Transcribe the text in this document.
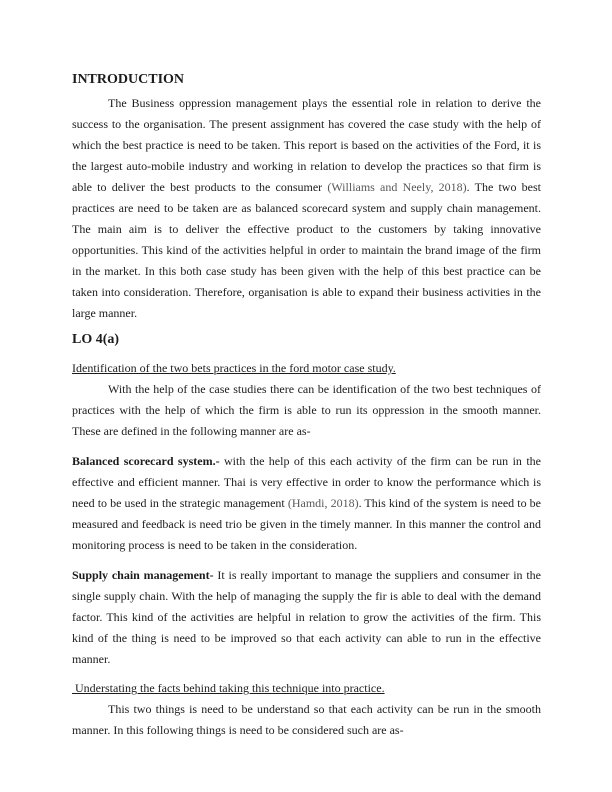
INTRODUCTION

The Business oppression management plays the essential role in relation to derive the success to the organisation. The present assignment has covered the case study with the help of which the best practice is need to be taken. This report is based on the activities of the Ford, it is the largest auto-mobile industry and working in relation to develop the practices so that firm is able to deliver the best products to the consumer (Williams and Neely, 2018). The two best practices are need to be taken are as balanced scorecard system and supply chain management. The main aim is to deliver the effective product to the customers by taking innovative opportunities. This kind of the activities helpful in order to maintain the brand image of the firm in the market. In this both case study has been given with the help of this best practice can be taken into consideration. Therefore, organisation is able to expand their business activities in the large manner.

LO 4(a)

Identification of the two bets practices in the ford motor case study.

With the help of the case studies there can be identification of the two best techniques of practices with the help of which the firm is able to run its oppression in the smooth manner. These are defined in the following manner are as-

Balanced scorecard system.- with the help of this each activity of the firm can be run in the effective and efficient manner. Thai is very effective in order to know the performance which is need to be used in the strategic management (Hamdi, 2018). This kind of the system is need to be measured and feedback is need trio be given in the timely manner. In this manner the control and monitoring process is need to be taken in the consideration.

Supply chain management- It is really important to manage the suppliers and consumer in the single supply chain. With the help of managing the supply the fir is able to deal with the demand factor. This kind of the activities are helpful in relation to grow the activities of the firm. This kind of the thing is need to be improved so that each activity can able to run in the effective manner.

Understating the facts behind taking this technique into practice.

This two things is need to be understand so that each activity can be run in the smooth manner. In this following things is need to be considered such are as-
